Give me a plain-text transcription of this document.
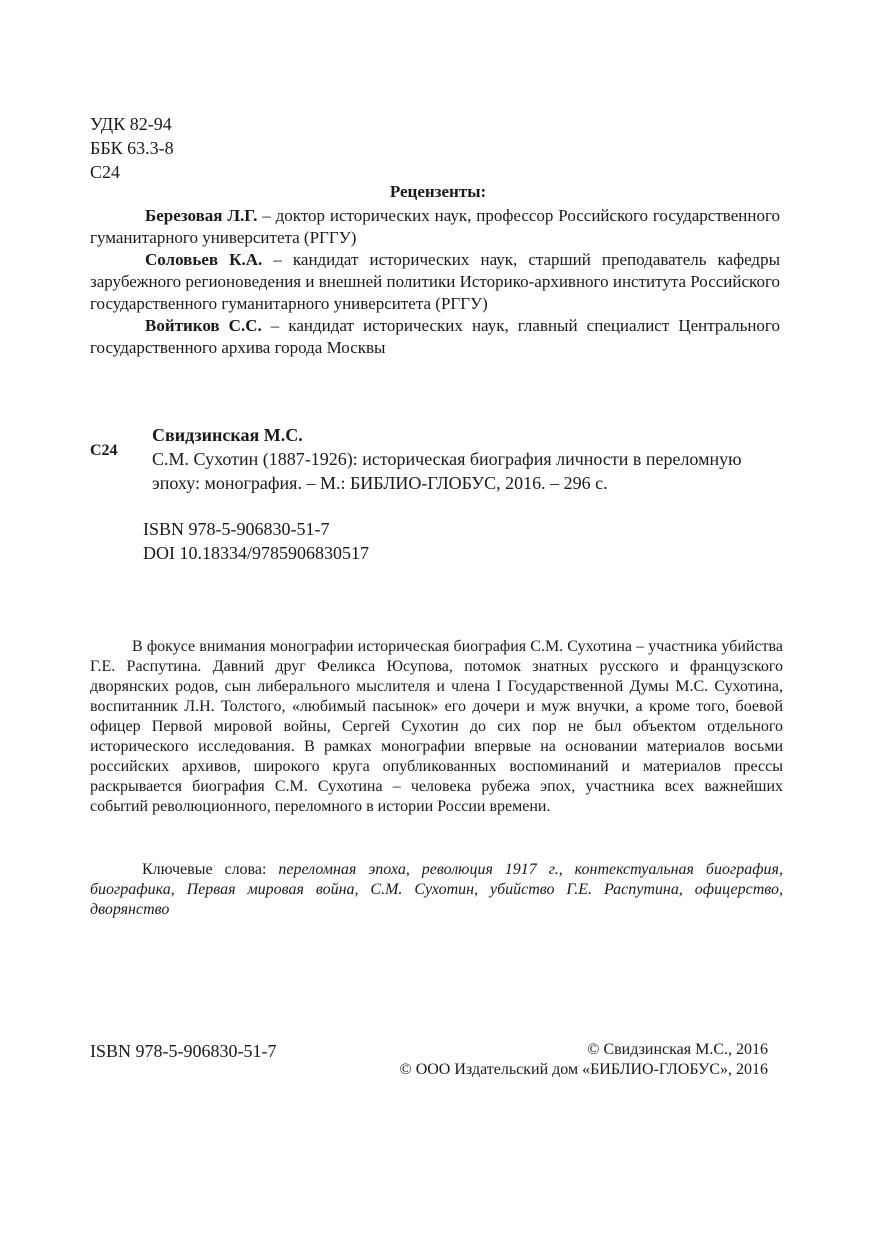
УДК 82-94
ББК 63.3-8
С24
Рецензенты:

Березовая Л.Г. – доктор исторических наук, профессор Российского государственного гуманитарного университета (РГГУ)

Соловьев К.А. – кандидат исторических наук, старший преподаватель кафедры зарубежного регионоведения и внешней политики Историко-архивного института Российского государственного гуманитарного университета (РГГУ)

Войтиков С.С. – кандидат исторических наук, главный специалист Центрального государственного архива города Москвы

С24
Свидзинская М.С.
С.М. Сухотин (1887-1926): историческая биография личности в переломную эпоху: монография. – М.: БИБЛИО-ГЛОБУС, 2016. – 296 с.
ISBN 978-5-906830-51-7
DOI 10.18334/9785906830517

В фокусе внимания монографии историческая биография С.М. Сухотина – участника убийства Г.Е. Распутина. Давний друг Феликса Юсупова, потомок знатных русского и французского дворянских родов, сын либерального мыслителя и члена I Государственной Думы М.С. Сухотина, воспитанник Л.Н. Толстого, «любимый пасынок» его дочери и муж внучки, а кроме того, боевой офицер Первой мировой войны, Сергей Сухотин до сих пор не был объектом отдельного исторического исследования. В рамках монографии впервые на основании материалов восьми российских архивов, широкого круга опубликованных воспоминаний и материалов прессы раскрывается биография С.М. Сухотина – человека рубежа эпох, участника всех важнейших событий революционного, переломного в истории России времени.

Ключевые слова: переломная эпоха, революция 1917 г., контекстуальная биография, биографика, Первая мировая война, С.М. Сухотин, убийство Г.Е. Распутина, офицерство, дворянство

ISBN 978-5-906830-51-7	© Свидзинская М.С., 2016
© ООО Издательский дом «БИБЛИО-ГЛОБУС», 2016
